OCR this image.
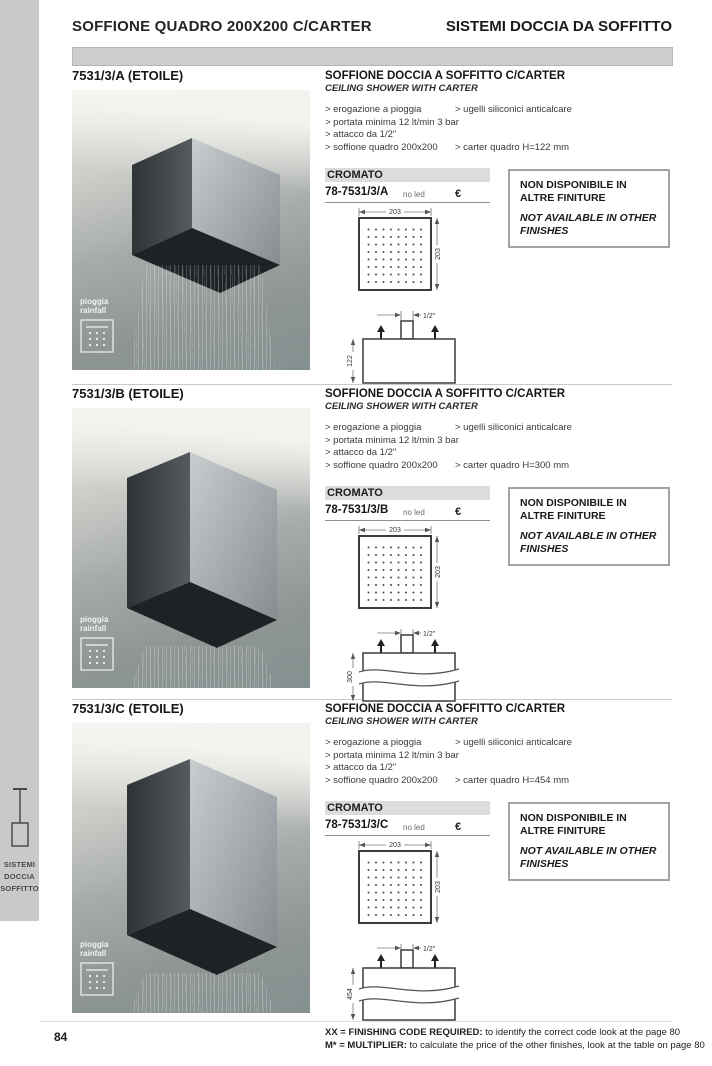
SISTEMI
DOCCIA
SOFFITTO
SOFFIONE QUADRO 200X200 C/CARTER	SISTEMI DOCCIA DA SOFFITTO
7531/3/A (ETOILE)
pioggia
rainfall
SOFFIONE DOCCIA A SOFFITTO C/CARTER
CEILING SHOWER WITH CARTER
> erogazione a pioggia	> ugelli siliconici anticalcare
> portata minima 12 lt/min 3 bar
> attacco da 1/2"
> soffione quadro 200x200 > carter quadro H=122 mm
CROMATO
78-7531/3/A no led	€

NON DISPONIBILE IN ALTRE FINITURE

NOT AVAILABLE IN OTHER FINISHES

203
203
1/2"
122
7531/3/B (ETOILE)
pioggia
rainfall
SOFFIONE DOCCIA A SOFFITTO C/CARTER
CEILING SHOWER WITH CARTER
> erogazione a pioggia	> ugelli siliconici anticalcare
> portata minima 12 lt/min 3 bar
> attacco da 1/2"
> soffione quadro 200x200 > carter quadro H=300 mm
CROMATO
78-7531/3/B no led	€

NON DISPONIBILE IN ALTRE FINITURE

NOT AVAILABLE IN OTHER FINISHES

203
203
1/2"
300
7531/3/C (ETOILE)
pioggia
rainfall
SOFFIONE DOCCIA A SOFFITTO C/CARTER
CEILING SHOWER WITH CARTER
> erogazione a pioggia	> ugelli siliconici anticalcare
> portata minima 12 lt/min 3 bar
> attacco da 1/2"
> soffione quadro 200x200 > carter quadro H=454 mm
CROMATO
78-7531/3/C no led	€

NON DISPONIBILE IN ALTRE FINITURE

NOT AVAILABLE IN OTHER FINISHES

203
203
1/2"
454
84	XX = FINISHING CODE REQUIRED: to identify the correct code look at the page 80
M* = MULTIPLIER: to calculate the price of the other finishes, look at the table on page 80
